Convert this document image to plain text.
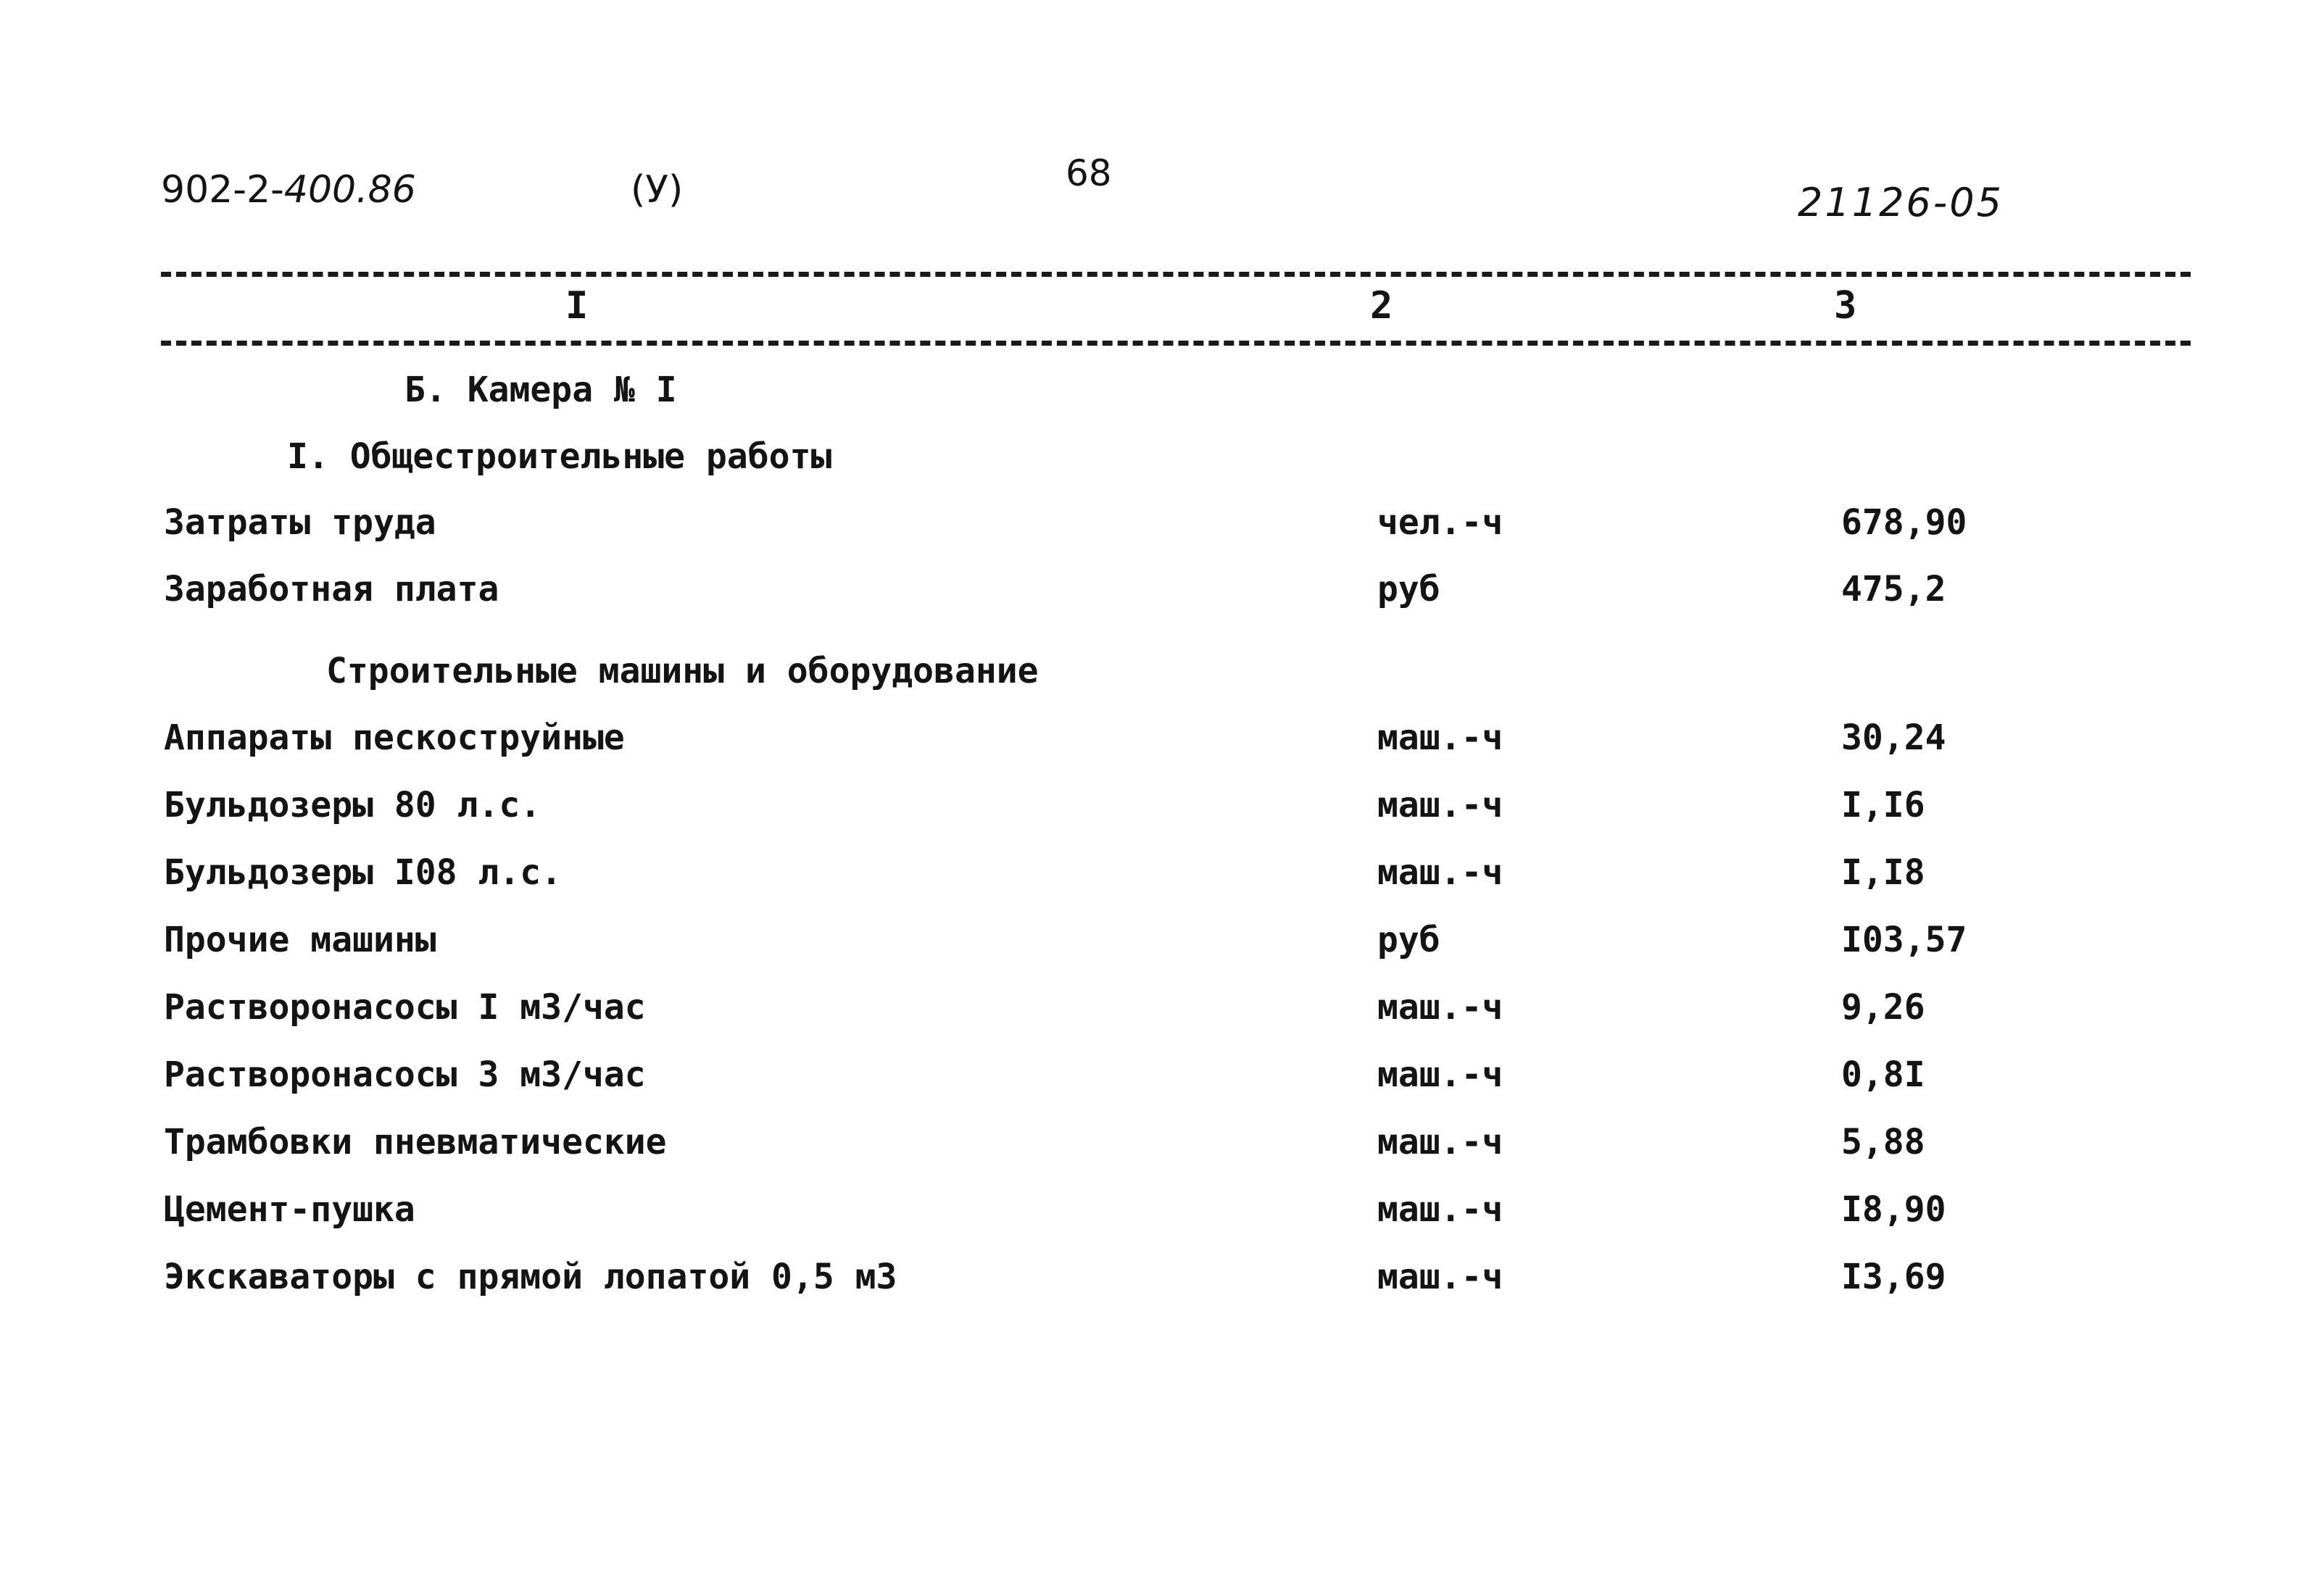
902-2-400.86	(У)	68
21126-05
I	2	3
Б. Камера № I
I. Общестроительные работы
Затраты труда	чел.-ч	678,90
Заработная плата	руб	475,2
Строительные машины и оборудование
Аппараты пескоструйные	маш.-ч	30,24
Бульдозеры 80 л.с.	маш.-ч	I,I6
Бульдозеры I08 л.с.	маш.-ч	I,I8
Прочие машины	руб	I03,57
Растворонасосы I м3/час	маш.-ч	9,26
Растворонасосы 3 м3/час	маш.-ч	0,8I
Трамбовки пневматические	маш.-ч	5,88
Цемент-пушка	маш.-ч	I8,90
Экскаваторы с прямой лопатой 0,5 м3	маш.-ч	I3,69
